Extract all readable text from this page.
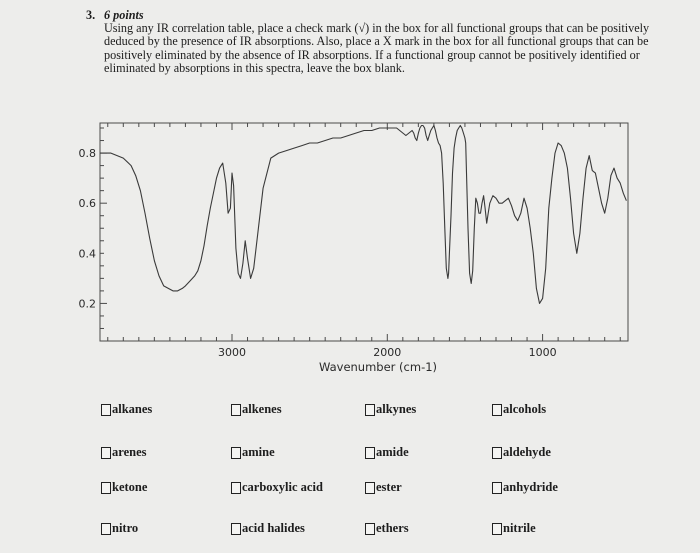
3. 6 points
Using any IR correlation table, place a check mark (√) in the box for all functional groups that can be positively deduced by the presence of IR absorptions. Also, place a X mark in the box for all functional groups that can be positively eliminated by the absence of IR absorptions. If a functional group cannot be positively identified or eliminated by absorptions in this spectra, leave the box blank.
3000	2000	1000
0.2
0.4
0.6
0.8
Wavenumber (cm-1)
alkanes	alkenes	alkynes	alcohols
arenes	amine	amide	aldehyde
ketone	carboxylic acid	ester	anhydride
nitro	acid halides	ethers	nitrile
